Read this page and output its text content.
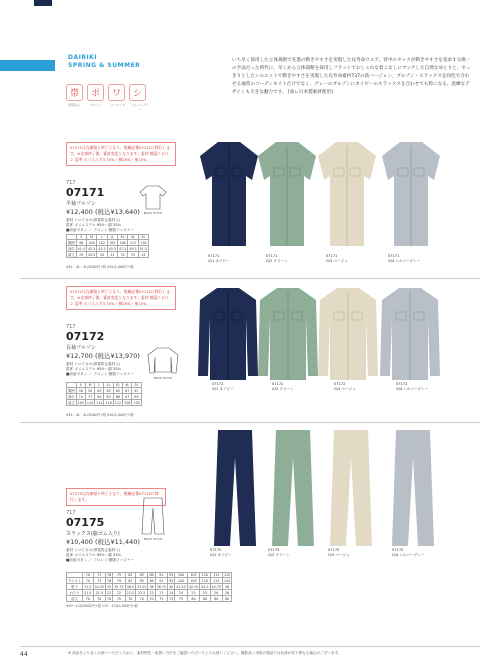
DAIRIKI
SPRING & SUMMER
帯	ポ	ワ	シ
帯電防止	ポケット	ワンタッチ	シルバーグレー
いち早く採用した立体裁断で先進の動きやすさを実現した長寿命ウエア。背中のタックが動きやすさを追求する唯一の手法だった時代に、早くから立体裁断を採用しフラットでおしゃれな着こなしにマッチした自然なゆとりと、すっきりとしたシルエットで動きやすさを実現した長寿命素材737の新バージョン。ブルゾン・スラックスを同色で合わせる通常のコーディネイトだけでなく、グレーのブルゾンにネイビーのスラックスを合わせても粋になる、洗練なデザインも大きな魅力です。 [東レ日本製素材使用]
07171は在庫限り終了となり、後継品番07171に移行します。※在庫終了後、素材変更となります。素材 綿混ニビロン 混率 ポリエステル70%・綿20%・他10%
717
07171
半袖ブルゾン
¥12,400 (税込¥13,640)
素材 トロピカル(帯電防止素材入)
混率 ポリエステル 65%・綿 35%
■前留ボタン ／ フロント:樹脂ファスナー
BACK STYLE
	S	M	L	LL	EL	4L	5L
胸囲	98	100	102	105	108	112	116
肩巾	41.5	42.5	43.5	45.5	47.5	49.5	51.5
袖丈	29	29.5	30	31	32	33	34
※EL・4L・5L/3000円+税 ※5L/1,000円+税
07171
G/1 ネイビー
07171
G/2 グリーン
07171
G/3 ベージュ
07171
G/4 シルバーグレー
07172は在庫限り終了となり、後継品番07172に移行します。※在庫終了後、素材変更となります。素材 綿混ニビロン 混率 ポリエステル70%・綿20%・他10%
717
07172
長袖ブルゾン
¥12,700 (税込¥13,970)
素材 トロピカル(帯電防止素材入)
混率 ポリエステル 65%・綿 35%
■前留ボタン ／ フロント:樹脂ファスナー
BACK STYLE
	S	M	L	LL	EL	4L	5L
胸囲	58	59	62	63	65	67	67
肩巾	74	77	80	83	86	87	89
袖丈	105	110	114	118	122	126	130
※EL・4L・5L/3000円+税 ※5L/1,000円+税
07172
G/1 ネイビー
07172
G/2 グリーン
07172
G/3 ベージュ
07172
G/4 シルバーグレー
07175は在庫限り終了となり、後継品番07175に移行します。
717
07175
スラックス(脇ゴム入り)
¥10,400 (税込¥11,440)
素材 トロピカル(帯電防止素材入)
混率 ポリエステル 65%・綿 35%
■前留ボタン ／ フロント:樹脂ファスナー
BACK STYLE
	70	73	76	79	82	85	88	91	95	100	105	110	115	120
ウエスト	70	73	76	79	82	85	88	91	95	100	105	110	115	120
股下	31.5	34.25	35	35.75	36.5	37.25	38	38.75	40	41.25	42.25	43.5	44.75	46
わたり	21.5	21.5	22	22	22.5	22.5	23	23	24	24	25	25	26	26
総丈	70	70	70	70	70	70	70	75	75	75	80	80	80	80
※97~110/3000円+税 115・120/1,000円+税
07175
G/1 ネイビー
07175
G/2 グリーン
07175
G/3 ベージュ
07175
G/4 シルバーグレー
44	※ 商品をより良くお使いいただくために、素材特性・取扱い方法をご確認いただいた上でお使いください。撮影品と実際の製品では色味が若干異なる場合がございます。
